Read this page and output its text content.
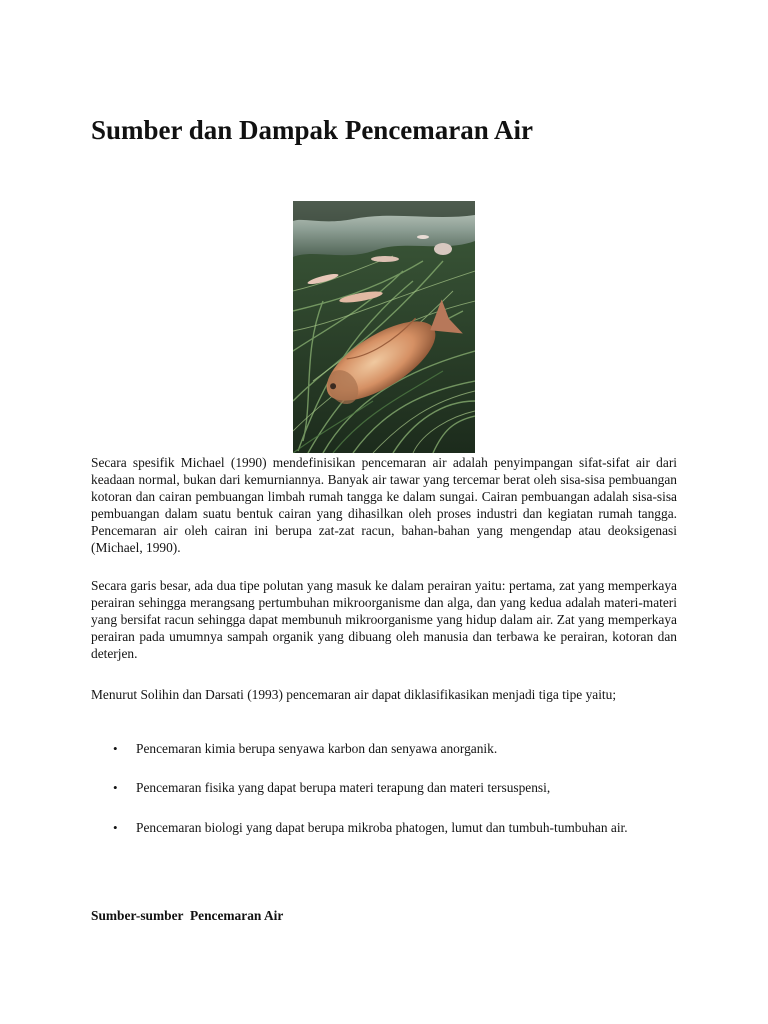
Sumber dan Dampak Pencemaran Air

Secara spesifik Michael (1990) mendefinisikan pencemaran air adalah penyimpangan sifat-sifat air dari keadaan normal, bukan dari kemurniannya. Banyak air tawar yang tercemar berat oleh sisa-sisa pembuangan kotoran dan cairan pembuangan limbah rumah tangga ke dalam sungai. Cairan pembuangan adalah sisa-sisa pembuangan dalam suatu bentuk cairan yang dihasilkan oleh proses industri dan kegiatan rumah tangga. Pencemaran air oleh cairan ini berupa zat-zat racun, bahan-bahan yang mengendap atau deoksigenasi (Michael, 1990).

Secara garis besar, ada dua tipe polutan yang masuk ke dalam perairan yaitu: pertama, zat yang memperkaya perairan sehingga merangsang pertumbuhan mikroorganisme dan alga, dan yang kedua adalah materi-materi yang bersifat racun sehingga dapat membunuh mikroorganisme yang hidup dalam air. Zat yang memperkaya perairan pada umumnya sampah organik yang dibuang oleh manusia dan terbawa ke perairan, kotoran dan deterjen.

Menurut Solihin dan Darsati (1993) pencemaran air dapat diklasifikasikan menjadi tiga tipe yaitu;

• Pencemaran kimia berupa senyawa karbon dan senyawa anorganik.
• Pencemaran fisika yang dapat berupa materi terapung dan materi tersuspensi,
• Pencemaran biologi yang dapat berupa mikroba phatogen, lumut dan tumbuh-tumbuhan air.
Sumber-sumber  Pencemaran Air
